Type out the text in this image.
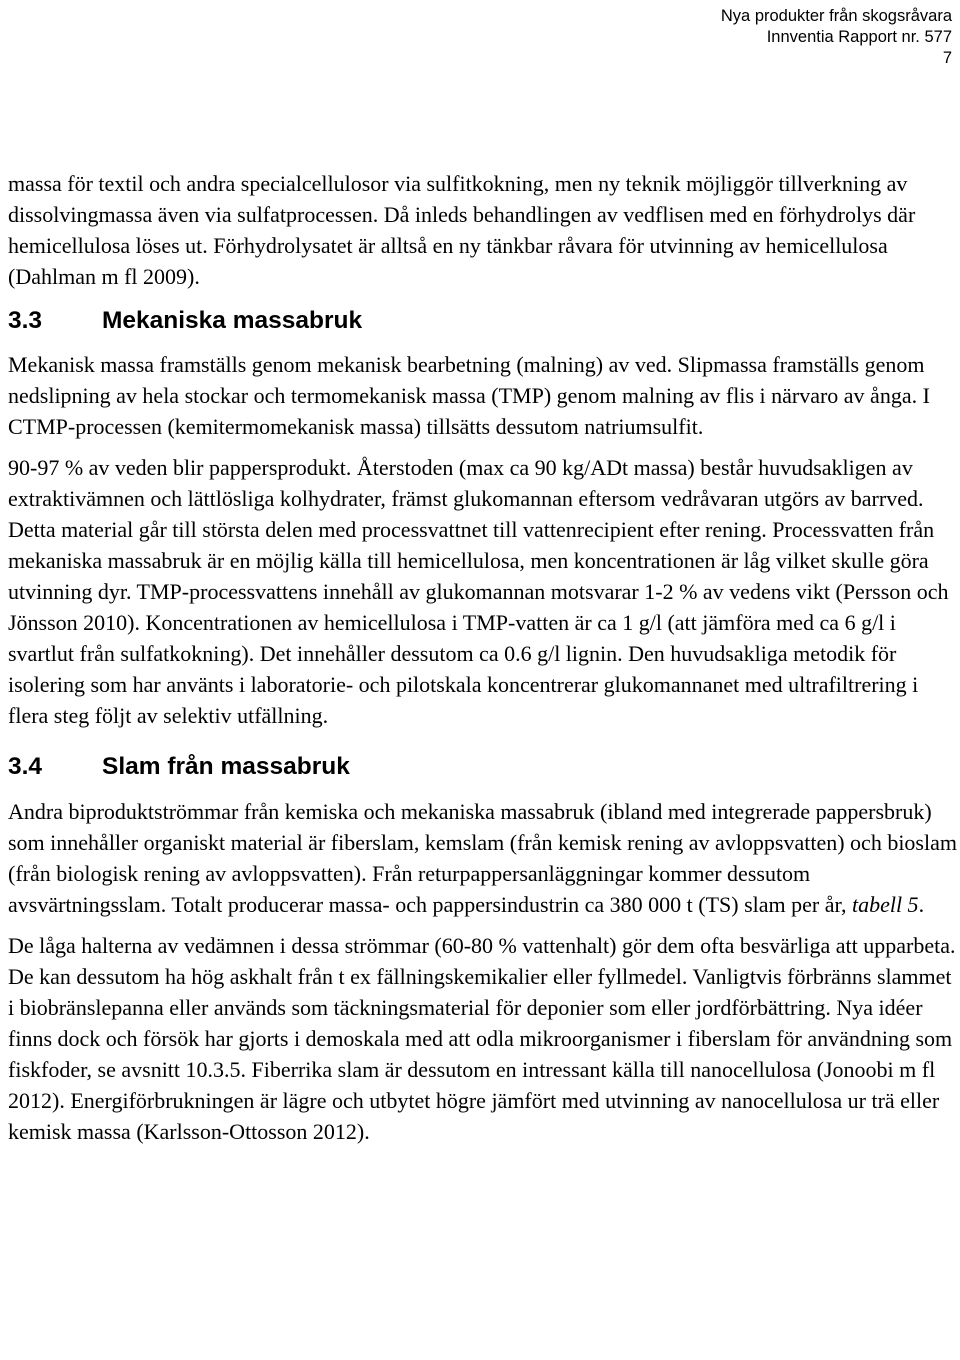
Nya produkter från skogsråvara
Innventia Rapport nr. 577
7

massa för textil och andra specialcellulosor via sulfitkokning, men ny teknik möjliggör tillverkning av dissolvingmassa även via sulfatprocessen. Då inleds behandlingen av vedflisen med en förhydrolys där hemicellulosa löses ut. Förhydrolysatet är alltså en ny tänkbar råvara för utvinning av hemicellulosa (Dahlman m fl 2009).

3.3 Mekaniska massabruk

Mekanisk massa framställs genom mekanisk bearbetning (malning) av ved. Slipmassa framställs genom nedslipning av hela stockar och termomekanisk massa (TMP) genom malning av flis i närvaro av ånga. I CTMP-processen (kemitermomekanisk massa) tillsätts dessutom natriumsulfit.

90-97 % av veden blir pappersprodukt. Återstoden (max ca 90 kg/ADt massa) består huvudsakligen av extraktivämnen och lättlösliga kolhydrater, främst glukomannan eftersom vedråvaran utgörs av barrved. Detta material går till största delen med processvattnet till vattenrecipient efter rening. Processvatten från mekaniska massabruk är en möjlig källa till hemicellulosa, men koncentrationen är låg vilket skulle göra utvinning dyr. TMP-processvattens innehåll av glukomannan motsvarar 1-2 % av vedens vikt (Persson och Jönsson 2010). Koncentrationen av hemicellulosa i TMP-vatten är ca 1 g/l (att jämföra med ca 6 g/l i svartlut från sulfatkokning). Det innehåller dessutom ca 0.6 g/l lignin. Den huvudsakliga metodik för isolering som har använts i laboratorie- och pilotskala koncentrerar glukomannanet med ultrafiltrering i flera steg följt av selektiv utfällning.

3.4 Slam från massabruk

Andra biproduktströmmar från kemiska och mekaniska massabruk (ibland med integrerade pappersbruk) som innehåller organiskt material är fiberslam, kemslam (från kemisk rening av avloppsvatten) och bioslam (från biologisk rening av avloppsvatten). Från returpappersanläggningar kommer dessutom avsvärtningsslam. Totalt producerar massa- och pappersindustrin ca 380 000 t (TS) slam per år, tabell 5.

De låga halterna av vedämnen i dessa strömmar (60-80 % vattenhalt) gör dem ofta besvärliga att upparbeta. De kan dessutom ha hög askhalt från t ex fällningskemikalier eller fyllmedel. Vanligtvis förbränns slammet i biobränslepanna eller används som täckningsmaterial för deponier som eller jordförbättring. Nya idéer finns dock och försök har gjorts i demoskala med att odla mikroorganismer i fiberslam för användning som fiskfoder, se avsnitt 10.3.5. Fiberrika slam är dessutom en intressant källa till nanocellulosa (Jonoobi m fl 2012). Energiförbrukningen är lägre och utbytet högre jämfört med utvinning av nanocellulosa ur trä eller kemisk massa (Karlsson-Ottosson 2012).
